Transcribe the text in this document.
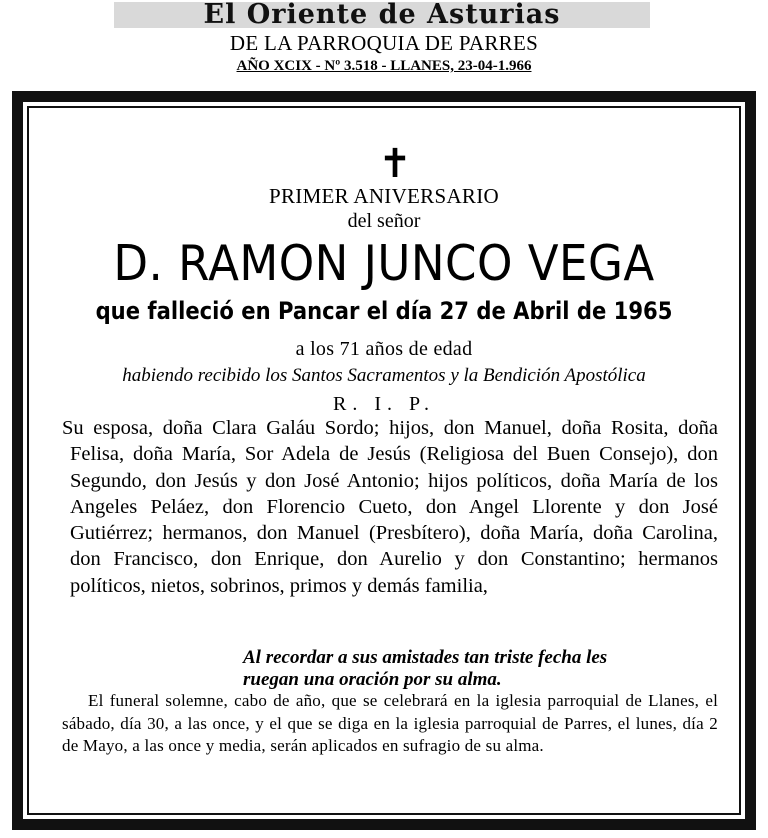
El Oriente de Asturias
DE LA PARROQUIA DE PARRES
AÑO XCIX - Nº 3.518 - LLANES, 23-04-1.966
✝
PRIMER ANIVERSARIO
del señor
D. RAMON JUNCO VEGA
que falleció en Pancar el día 27 de Abril de 1965
a los 71 años de edad
habiendo recibido los Santos Sacramentos y la Bendición Apostólica
R. I. P.
Su esposa, doña Clara Galáu Sordo; hijos, don Manuel, doña Rosita, doña Felisa, doña María, Sor Adela de Jesús (Religiosa del Buen Consejo), don Segundo, don Jesús y don José Antonio; hijos políticos, doña María de los Angeles Peláez, don Florencio Cueto, don Angel Llorente y don José Gutiérrez; hermanos, don Manuel (Presbítero), doña María, doña Carolina, don Francisco, don Enrique, don Aurelio y don Constantino; hermanos políticos, nietos, sobrinos, primos y demás familia,
Al recordar a sus amistades tan triste fecha les
ruegan una oración por su alma.
El funeral solemne, cabo de año, que se celebrará en la iglesia parroquial de Llanes, el sábado, día 30, a las once, y el que se diga en la iglesia parroquial de Parres, el lunes, día 2 de Mayo, a las once y media, serán aplicados en sufragio de su alma.
